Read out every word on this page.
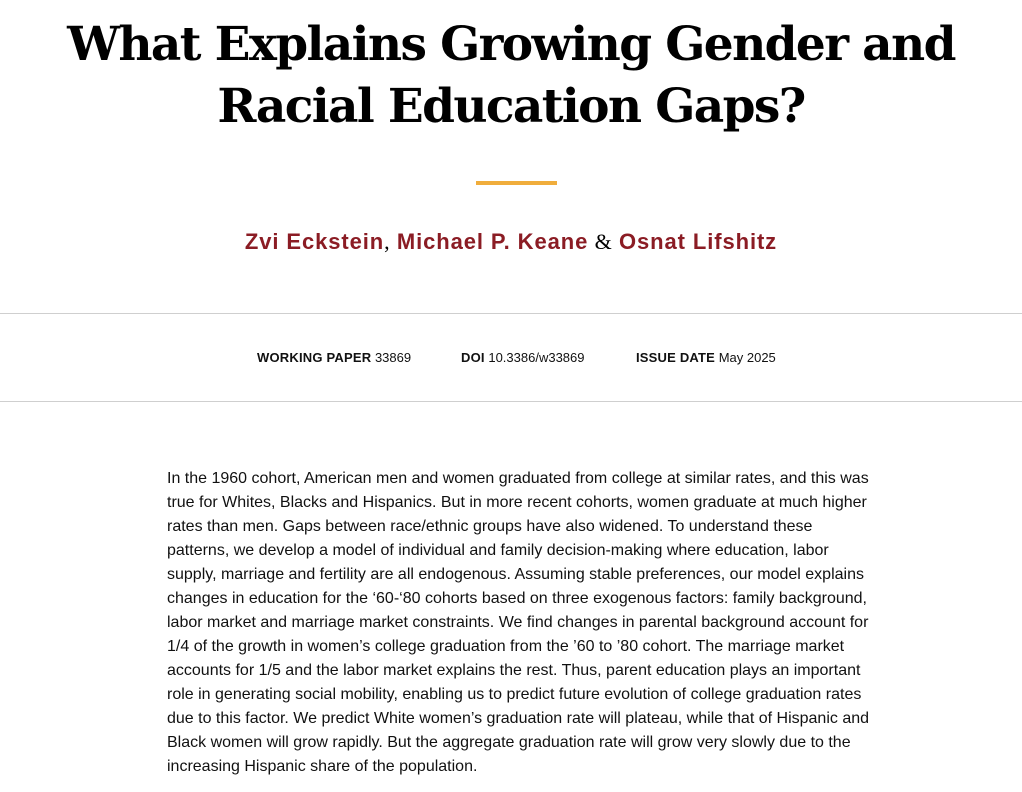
What Explains Growing Gender and Racial Education Gaps?
Zvi Eckstein, Michael P. Keane & Osnat Lifshitz
WORKING PAPER 33869	DOI 10.3386/w33869	ISSUE DATE May 2025

In the 1960 cohort, American men and women graduated from college at similar rates, and this was true for Whites, Blacks and Hispanics. But in more recent cohorts, women graduate at much higher rates than men. Gaps between race/ethnic groups have also widened. To understand these patterns, we develop a model of individual and family decision-making where education, labor supply, marriage and fertility are all endogenous. Assuming stable preferences, our model explains changes in education for the ‘60-‘80 cohorts based on three exogenous factors: family background, labor market and marriage market constraints. We find changes in parental background account for 1/4 of the growth in women’s college graduation from the ’60 to ’80 cohort. The marriage market accounts for 1/5 and the labor market explains the rest. Thus, parent education plays an important role in generating social mobility, enabling us to predict future evolution of college graduation rates due to this factor. We predict White women’s graduation rate will plateau, while that of Hispanic and Black women will grow rapidly. But the aggregate graduation rate will grow very slowly due to the increasing Hispanic share of the population.
